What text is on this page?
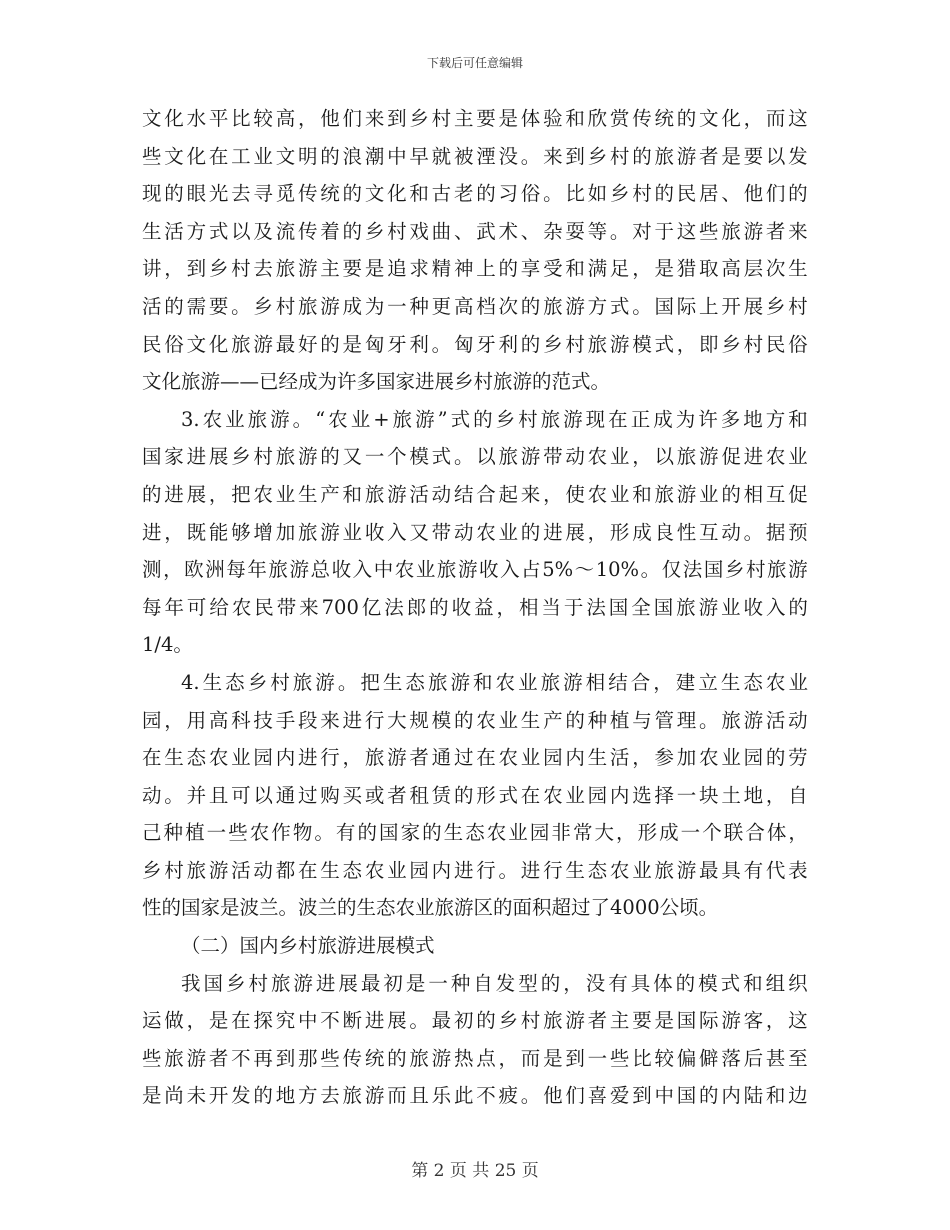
下载后可任意编辑
文 化 水 平 比 较 高 ， 他 们 来 到 乡 村 主 要 是 体 验 和 欣 赏 传 统 的 文 化 ， 而 这
些 文 化 在 工 业 文 明 的 浪 潮 中 早 就 被 湮 没 。 来 到 乡 村 的 旅 游 者 是 要 以 发
现 的 眼 光 去 寻 觅 传 统 的 文 化 和 古 老 的 习 俗 。 比 如 乡 村 的 民 居 、 他 们 的
生 活 方 式 以 及 流 传 着 的 乡 村 戏 曲 、 武 术 、 杂 耍 等 。 对 于 这 些 旅 游 者 来
讲 ， 到 乡 村 去 旅 游 主 要 是 追 求 精 神 上 的 享 受 和 满 足 ， 是 猎 取 高 层 次 生
活 的 需 要 。 乡 村 旅 游 成 为 一 种 更 高 档 次 的 旅 游 方 式 。 国 际 上 开 展 乡 村
民 俗 文 化 旅 游 最 好 的 是 匈 牙 利 。 匈 牙 利 的 乡 村 旅 游 模 式 ， 即 乡 村 民 俗
文化旅游——已经成为许多国家进展乡村旅游的范式。
3. 农 业 旅 游 。 “ 农 业 + 旅 游 ” 式 的 乡 村 旅 游 现 在 正 成 为 许 多 地 方 和
国 家 进 展 乡 村 旅 游 的 又 一 个 模 式 。 以 旅 游 带 动 农 业 ， 以 旅 游 促 进 农 业
的 进 展 ， 把 农 业 生 产 和 旅 游 活 动 结 合 起 来 ， 使 农 业 和 旅 游 业 的 相 互 促
进 ， 既 能 够 增 加 旅 游 业 收 入 又 带 动 农 业 的 进 展 ， 形 成 良 性 互 动 。 据 预
测 ， 欧 洲 每 年 旅 游 总 收 入 中 农 业 旅 游 收 入 占 5% ～ 10% 。 仅 法 国 乡 村 旅 游
每 年 可 给 农 民 带 来 700 亿 法 郎 的 收 益 ， 相 当 于 法 国 全 国 旅 游 业 收 入 的
1/4。
4. 生 态 乡 村 旅 游 。 把 生 态 旅 游 和 农 业 旅 游 相 结 合 ， 建 立 生 态 农 业
园 ， 用 高 科 技 手 段 来 进 行 大 规 模 的 农 业 生 产 的 种 植 与 管 理 。 旅 游 活 动
在 生 态 农 业 园 内 进 行 ， 旅 游 者 通 过 在 农 业 园 内 生 活 ， 参 加 农 业 园 的 劳
动 。 并 且 可 以 通 过 购 买 或 者 租 赁 的 形 式 在 农 业 园 内 选 择 一 块 土 地 ， 自
己 种 植 一 些 农 作 物 。 有 的 国 家 的 生 态 农 业 园 非 常 大 ， 形 成 一 个 联 合 体 ，
乡 村 旅 游 活 动 都 在 生 态 农 业 园 内 进 行 。 进 行 生 态 农 业 旅 游 最 具 有 代 表
性的国家是波兰。波兰的生态农业旅游区的面积超过了4000公顷。
（二）国内乡村旅游进展模式
我 国 乡 村 旅 游 进 展 最 初 是 一 种 自 发 型 的 ， 没 有 具 体 的 模 式 和 组 织
运 做 ， 是 在 探 究 中 不 断 进 展 。 最 初 的 乡 村 旅 游 者 主 要 是 国 际 游 客 ， 这
些 旅 游 者 不 再 到 那 些 传 统 的 旅 游 热 点 ， 而 是 到 一 些 比 较 偏 僻 落 后 甚 至
是 尚 未 开 发 的 地 方 去 旅 游 而 且 乐 此 不 疲 。 他 们 喜 爱 到 中 国 的 内 陆 和 边
第 2 页 共 25 页
